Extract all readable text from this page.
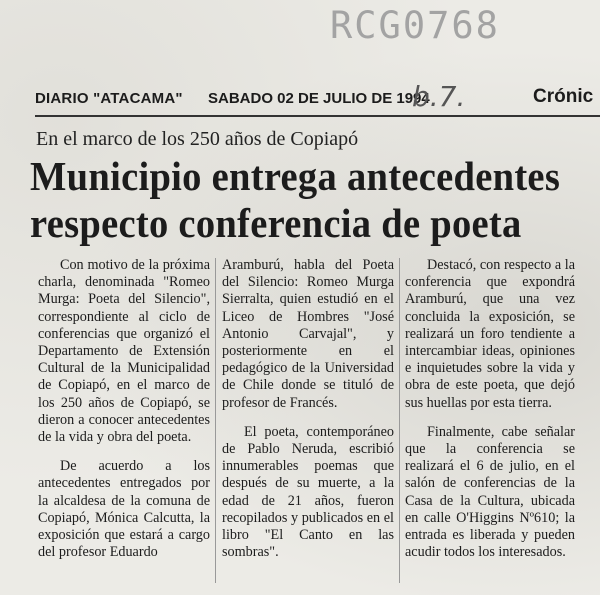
RCG0768
DIARIO "ATACAMA" SABADO 02 DE JULIO DE 1994
b.7.	Crónic
En el marco de los 250 años de Copiapó
Municipio entrega antecedentes
respecto conferencia de poeta

Con motivo de la próxima charla, denominada "Romeo Murga: Poeta del Silencio", correspondiente al ciclo de conferencias que organizó el Departamento de Extensión Cultural de la Municipalidad de Copiapó, en el marco de los 250 años de Copiapó, se dieron a conocer antecedentes de la vida y obra del poeta.

De acuerdo a los antecedentes entregados por la alcaldesa de la comuna de Copiapó, Mónica Calcutta, la exposición que estará a cargo del profesor Eduardo

Aramburú, habla del Poeta del Silencio: Romeo Murga Sierralta, quien estudió en el Liceo de Hombres "José Antonio Carvajal", y posteriormente en el pedagógico de la Universidad de Chile donde se tituló de profesor de Francés.

El poeta, contemporáneo de Pablo Neruda, escribió innumerables poemas que después de su muerte, a la edad de 21 años, fueron recopilados y publicados en el libro "El Canto en las sombras".

Destacó, con respecto a la conferencia que expondrá Aramburú, que una vez concluida la exposición, se realizará un foro tendiente a intercambiar ideas, opiniones e inquietudes sobre la vida y obra de este poeta, que dejó sus huellas por esta tierra.

Finalmente, cabe señalar que la conferencia se realizará el 6 de julio, en el salón de conferencias de la Casa de la Cultura, ubicada en calle O'Higgins Nº610; la entrada es liberada y pueden acudir todos los interesados.
